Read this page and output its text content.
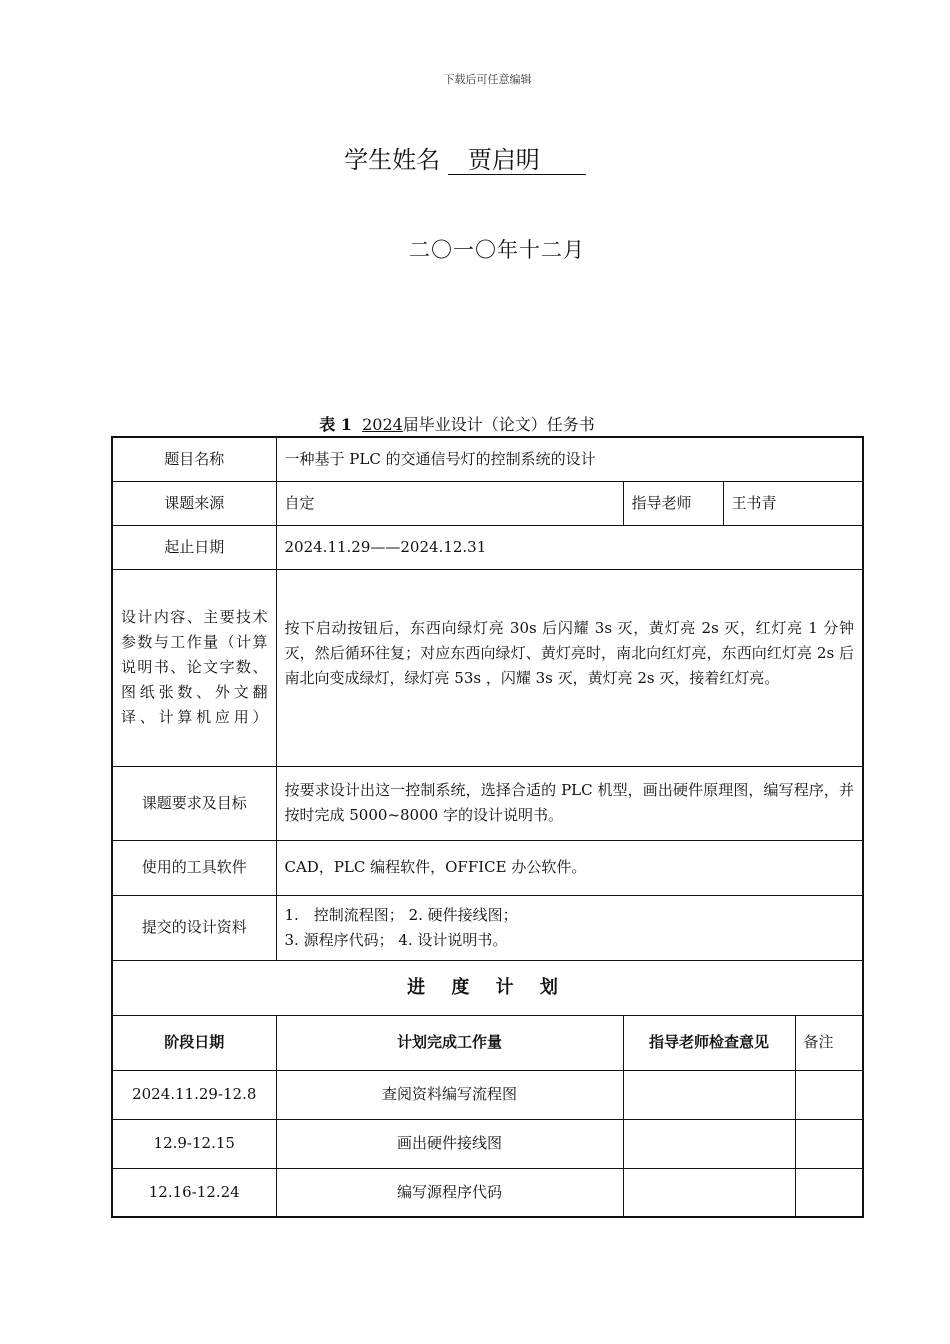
下载后可任意编辑
学生姓名 贾启明
二〇一〇年十二月
表 1 2024届毕业设计（论文）任务书
题目名称	一种基于 PLC 的交通信号灯的控制系统的设计			
课题来源	自定	指导老师	王书青	
起止日期	2024.11.29——2024.12.31			
设计内容、主要技术参数与工作量（计算说明书、论文字数、图纸张数、外文翻译、计算机应用）	按下启动按钮后，东西向绿灯亮 30s 后闪耀 3s 灭，黄灯亮 2s 灭，红灯亮 1 分钟灭，然后循环往复；对应东西向绿灯、黄灯亮时，南北向红灯亮，东西向红灯亮 2s 后南北向变成绿灯，绿灯亮 53s ，闪耀 3s 灭，黄灯亮 2s 灭，接着红灯亮。			
课题要求及目标	按要求设计出这一控制系统，选择合适的 PLC 机型，画出硬件原理图，编写程序，并按时完成 5000~8000 字的设计说明书。			
使用的工具软件	CAD，PLC 编程软件，OFFICE 办公软件。			
提交的设计资料	1.　控制流程图； 2. 硬件接线图；
3. 源程序代码； 4. 设计说明书。			

进 度 计 划				
阶段日期	计划完成工作量	指导老师检查意见		备注
2024.11.29-12.8	查阅资料编写流程图			
12.9-12.15	画出硬件接线图			
12.16-12.24	编写源程序代码			
